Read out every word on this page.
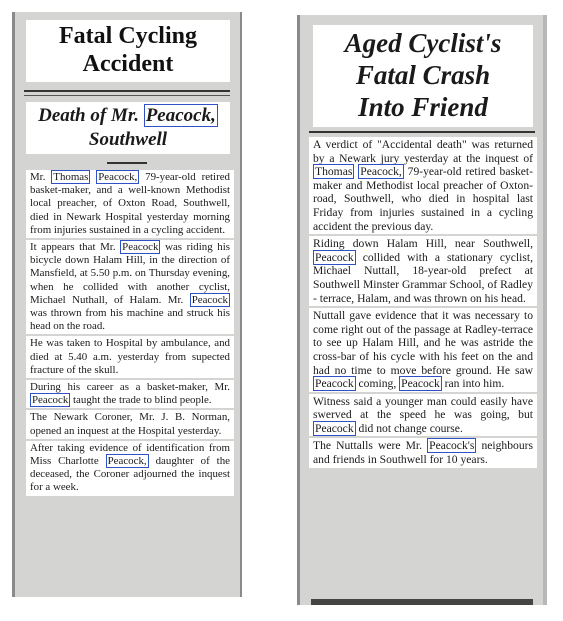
Fatal Cycling
Accident
Death of Mr. Peacock,
Southwell
Mr. Thomas Peacock, 79-year-old retired basket-maker, and a well-known Methodist local preacher, of Oxton Road, Southwell, died in Newark Hospital yesterday morning from injuries sustained in a cycling accident.
It appears that Mr. Peacock was riding his bicycle down Halam Hill, in the direction of Mansfield, at 5.50 p.m. on Thursday evening, when he collided with another cyclist, Michael Nuthall, of Halam. Mr. Peacock was thrown from his machine and struck his head on the road.
He was taken to Hospital by ambulance, and died at 5.40 a.m. yesterday from supected fracture of the skull.
During his career as a basket-maker, Mr. Peacock taught the trade to blind people.
The Newark Coroner, Mr. J. B. Norman, opened an inquest at the Hospital yesterday.
After taking evidence of identification from Miss Charlotte Peacock, daughter of the deceased, the Coroner adjourned the inquest for a week.
Aged Cyclist's
Fatal Crash
Into Friend
A verdict of "Accidental death" was returned by a Newark jury yesterday at the inquest of Thomas Peacock, 79-year-old retired basket-maker and Methodist local preacher of Oxton-road, Southwell, who died in hospital last Friday from injuries sustained in a cycling accident the previous day.
Riding down Halam Hill, near Southwell, Peacock collided with a stationary cyclist, Michael Nuttall, 18-year-old prefect at Southwell Minster Grammar School, of Radley - terrace, Halam, and was thrown on his head.
Nuttall gave evidence that it was necessary to come right out of the passage at Radley-terrace to see up Halam Hill, and he was astride the cross-bar of his cycle with his feet on the and had no time to move before ground. He saw Peacock coming, Peacock ran into him.
Witness said a younger man could easily have swerved at the speed he was going, but Peacock did not change course.
The Nuttalls were Mr. Peacock's neighbours and friends in Southwell for 10 years.
